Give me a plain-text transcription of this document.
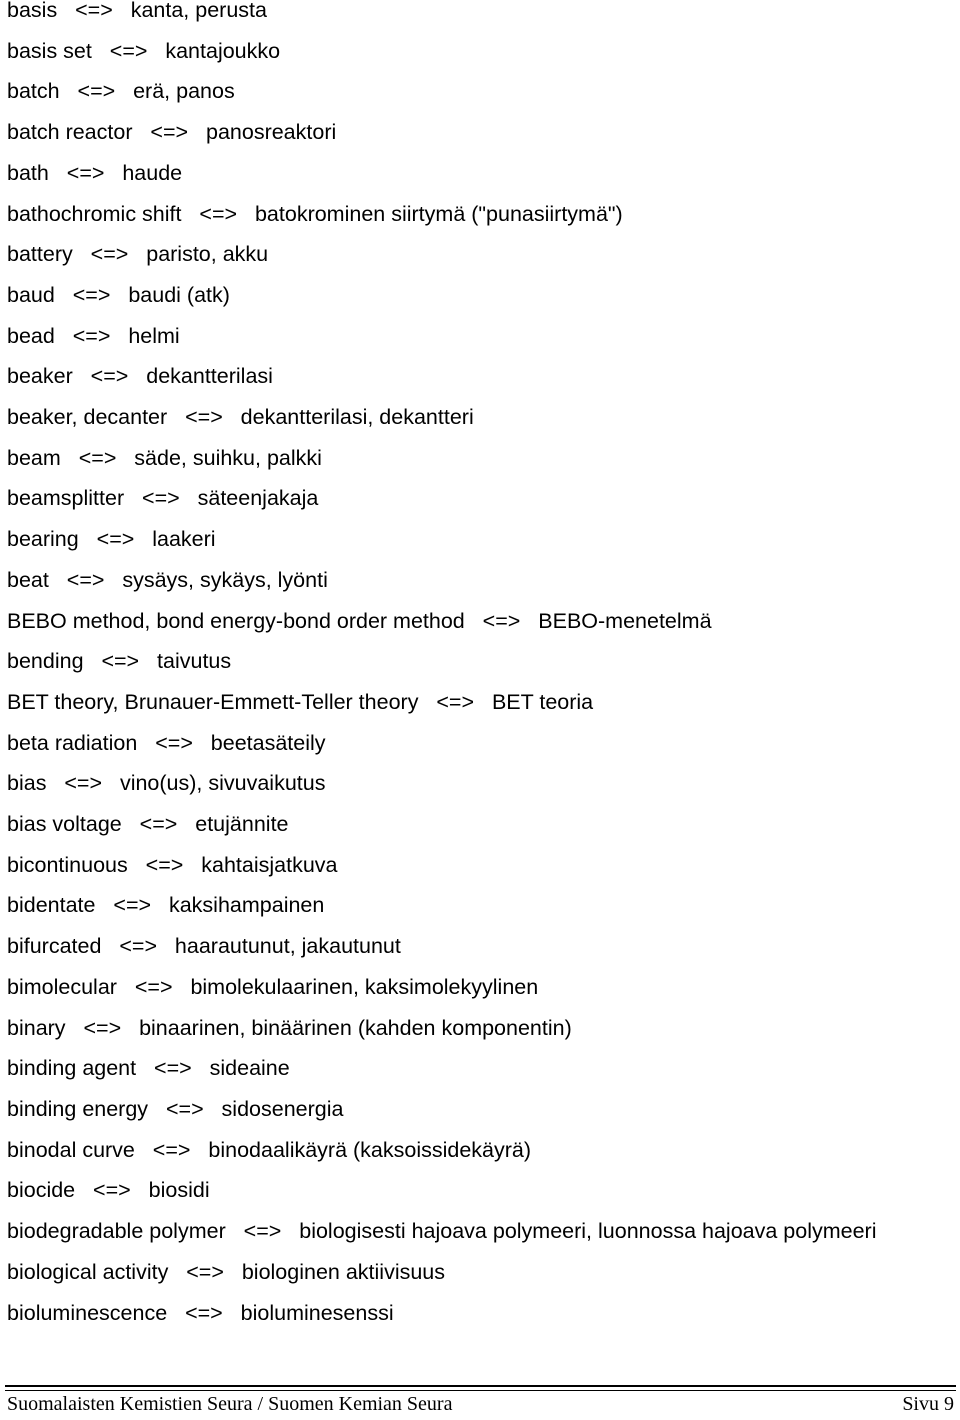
basis   <=>   kanta, perusta

basis set   <=>   kantajoukko

batch   <=>   erä, panos

batch reactor   <=>   panosreaktori

bath   <=>   haude

bathochromic shift   <=>   batokrominen siirtymä ("punasiirtymä")

battery   <=>   paristo, akku

baud   <=>   baudi (atk)

bead   <=>   helmi

beaker   <=>   dekantterilasi

beaker, decanter   <=>   dekantterilasi, dekantteri

beam   <=>   säde, suihku, palkki

beamsplitter   <=>   säteenjakaja

bearing   <=>   laakeri

beat   <=>   sysäys, sykäys, lyönti

BEBO method, bond energy-bond order method   <=>   BEBO-menetelmä

bending   <=>   taivutus

BET theory, Brunauer-Emmett-Teller theory   <=>   BET teoria

beta radiation   <=>   beetasäteily

bias   <=>   vino(us), sivuvaikutus

bias voltage   <=>   etujännite

bicontinuous   <=>   kahtaisjatkuva

bidentate   <=>   kaksihampainen

bifurcated   <=>   haarautunut, jakautunut

bimolecular   <=>   bimolekulaarinen, kaksimolekyylinen

binary   <=>   binaarinen, binäärinen (kahden komponentin)

binding agent   <=>   sideaine

binding energy   <=>   sidosenergia

binodal curve   <=>   binodaalikäyrä (kaksoissidekäyrä)

biocide   <=>   biosidi

biodegradable polymer   <=>   biologisesti hajoava polymeeri, luonnossa hajoava polymeeri

biological activity   <=>   biologinen aktiivisuus

bioluminescence   <=>   bioluminesenssi

Suomalaisten Kemistien Seura / Suomen Kemian Seura	Sivu 9
